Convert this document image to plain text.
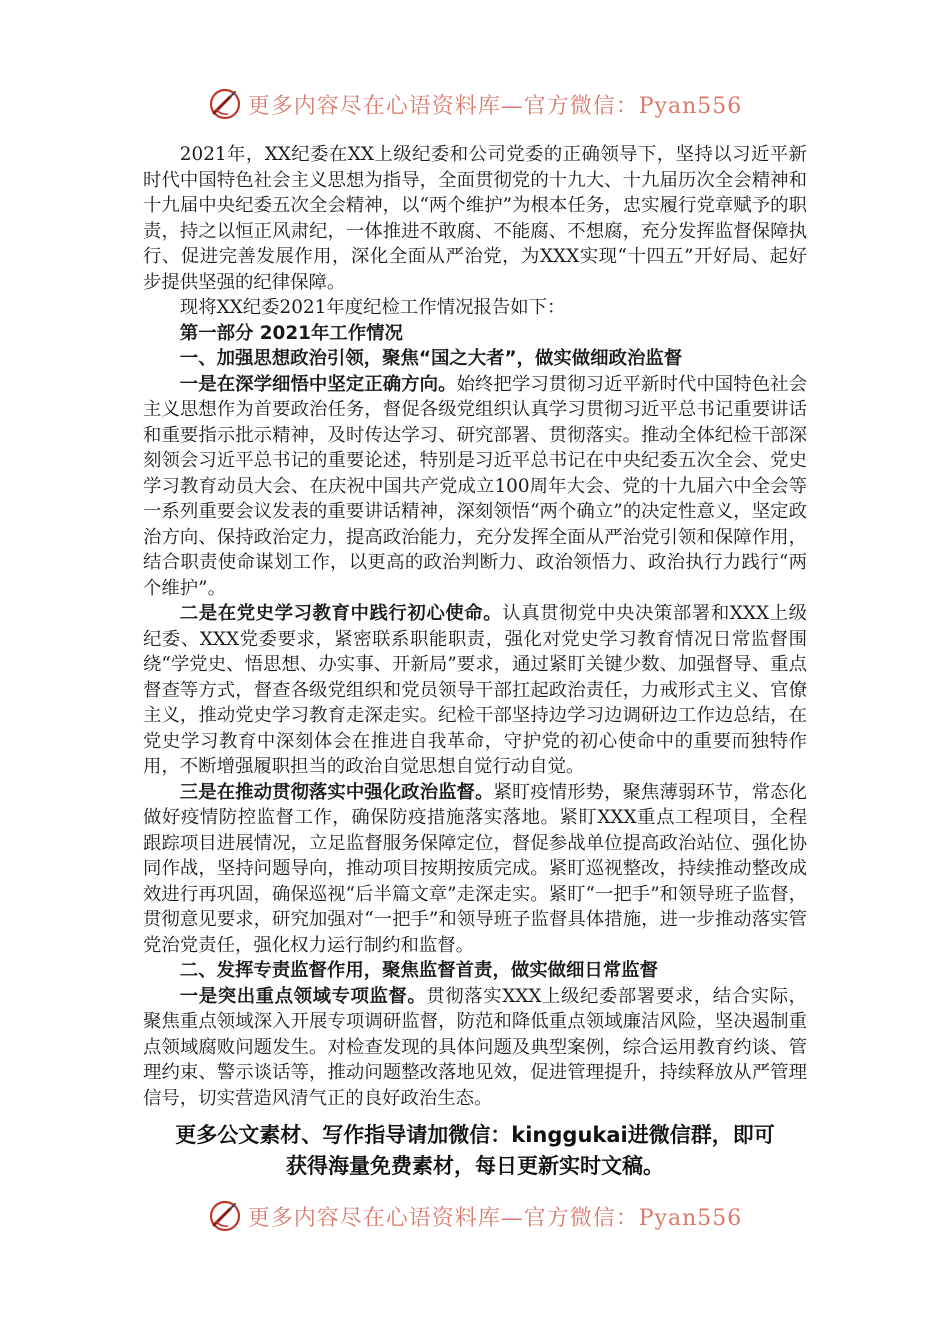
更多内容尽在心语资料库—官方微信：Pyan556

2021年，XX纪委在XX上级纪委和公司党委的正确领导下，坚持以习近平新时代中国特色社会主义思想为指导，全面贯彻党的十九大、十九届历次全会精神和十九届中央纪委五次全会精神，以“两个维护”为根本任务，忠实履行党章赋予的职责，持之以恒正风肃纪，一体推进不敢腐、不能腐、不想腐，充分发挥监督保障执行、促进完善发展作用，深化全面从严治党，为XXX实现“十四五”开好局、起好步提供坚强的纪律保障。

现将XX纪委2021年度纪检工作情况报告如下：

第一部分 2021年工作情况

一、加强思想政治引领，聚焦“国之大者”，做实做细政治监督

一是在深学细悟中坚定正确方向。始终把学习贯彻习近平新时代中国特色社会主义思想作为首要政治任务，督促各级党组织认真学习贯彻习近平总书记重要讲话和重要指示批示精神，及时传达学习、研究部署、贯彻落实。推动全体纪检干部深刻领会习近平总书记的重要论述，特别是习近平总书记在中央纪委五次全会、党史学习教育动员大会、在庆祝中国共产党成立100周年大会、党的十九届六中全会等一系列重要会议发表的重要讲话精神，深刻领悟“两个确立”的决定性意义，坚定政治方向、保持政治定力，提高政治能力，充分发挥全面从严治党引领和保障作用，结合职责使命谋划工作，以更高的政治判断力、政治领悟力、政治执行力践行“两个维护”。

二是在党史学习教育中践行初心使命。认真贯彻党中央决策部署和XXX上级纪委、XXX党委要求，紧密联系职能职责，强化对党史学习教育情况日常监督围绕“学党史、悟思想、办实事、开新局”要求，通过紧盯关键少数、加强督导、重点督查等方式，督查各级党组织和党员领导干部扛起政治责任，力戒形式主义、官僚主义，推动党史学习教育走深走实。纪检干部坚持边学习边调研边工作边总结，在党史学习教育中深刻体会在推进自我革命，守护党的初心使命中的重要而独特作用，不断增强履职担当的政治自觉思想自觉行动自觉。

三是在推动贯彻落实中强化政治监督。紧盯疫情形势，聚焦薄弱环节，常态化做好疫情防控监督工作，确保防疫措施落实落地。紧盯XXX重点工程项目，全程跟踪项目进展情况，立足监督服务保障定位，督促参战单位提高政治站位、强化协同作战，坚持问题导向，推动项目按期按质完成。紧盯巡视整改，持续推动整改成效进行再巩固，确保巡视“后半篇文章”走深走实。紧盯“一把手”和领导班子监督，贯彻意见要求，研究加强对“一把手”和领导班子监督具体措施，进一步推动落实管党治党责任，强化权力运行制约和监督。

二、发挥专责监督作用，聚焦监督首责，做实做细日常监督

一是突出重点领域专项监督。贯彻落实XXX上级纪委部署要求，结合实际，聚焦重点领域深入开展专项调研监督，防范和降低重点领域廉洁风险，坚决遏制重点领域腐败问题发生。对检查发现的具体问题及典型案例，综合运用教育约谈、管理约束、警示谈话等，推动问题整改落地见效，促进管理提升，持续释放从严管理信号，切实营造风清气正的良好政治生态。

更多公文素材、写作指导请加微信：kinggukai进微信群，即可
获得海量免费素材，每日更新实时文稿。
更多内容尽在心语资料库—官方微信：Pyan556
